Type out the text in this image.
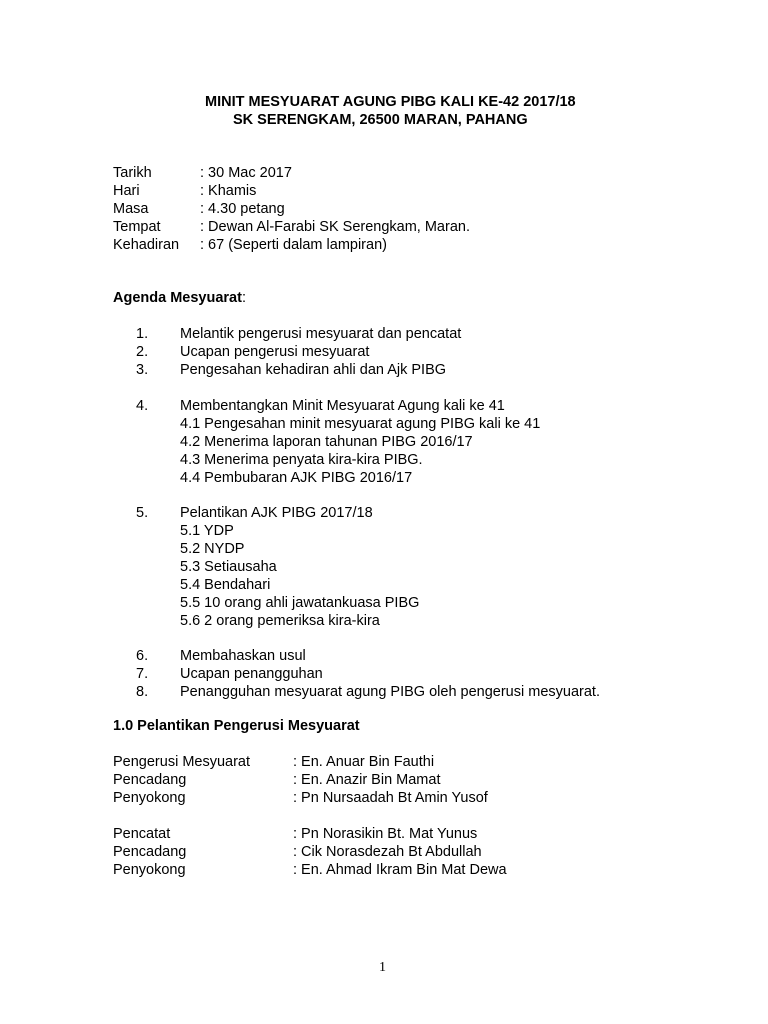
MINIT MESYUARAT AGUNG PIBG KALI KE-42 2017/18
SK SERENGKAM, 26500 MARAN, PAHANG
Tarikh	: 30 Mac 2017
Hari	: Khamis
Masa	: 4.30 petang
Tempat	: Dewan Al-Farabi SK Serengkam, Maran.
Kehadiran : 67 (Seperti dalam lampiran)
Agenda Mesyuarat:
1. Melantik pengerusi mesyuarat dan pencatat
2. Ucapan pengerusi mesyuarat
3. Pengesahan kehadiran ahli dan Ajk PIBG
4. Membentangkan Minit Mesyuarat Agung kali ke 41
4.1 Pengesahan minit mesyuarat agung PIBG kali ke 41
4.2 Menerima laporan tahunan PIBG 2016/17
4.3 Menerima penyata kira-kira PIBG.
4.4 Pembubaran AJK PIBG 2016/17
5. Pelantikan AJK PIBG 2017/18
5.1 YDP
5.2 NYDP
5.3 Setiausaha
5.4 Bendahari
5.5 10 orang ahli jawatankuasa PIBG
5.6 2 orang pemeriksa kira-kira
6. Membahaskan usul
7. Ucapan penangguhan
8. Penangguhan mesyuarat agung PIBG oleh pengerusi mesyuarat.
1.0 Pelantikan Pengerusi Mesyuarat
Pengerusi Mesyuarat	: En. Anuar Bin Fauthi
Pencadang	: En. Anazir Bin Mamat
Penyokong	: Pn Nursaadah Bt Amin Yusof
Pencatat	: Pn Norasikin Bt. Mat Yunus
Pencadang	: Cik Norasdezah Bt Abdullah
Penyokong	: En. Ahmad Ikram Bin Mat Dewa
1
